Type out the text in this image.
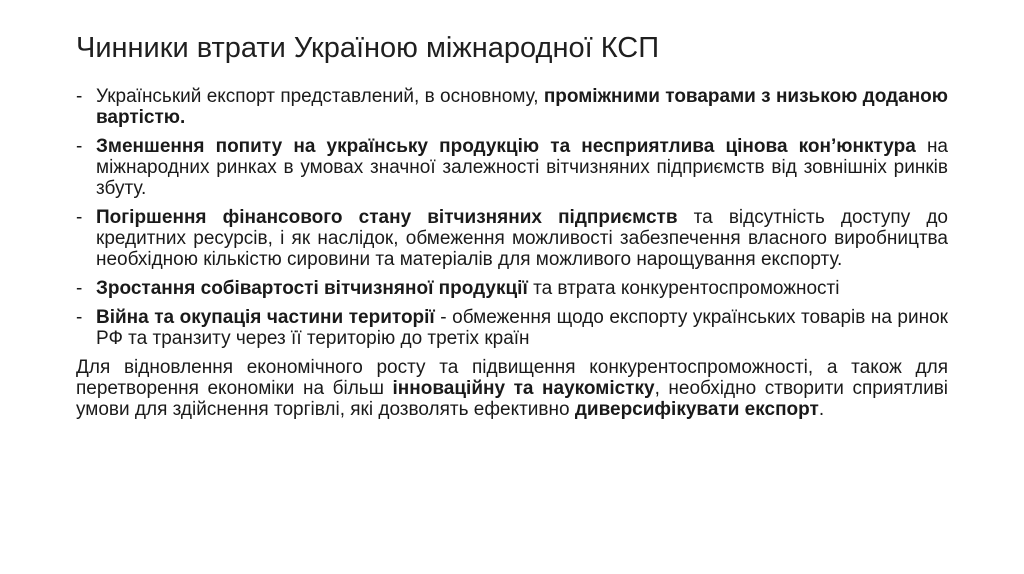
Чинники втрати Україною міжнародної КСП
- Український експорт представлений, в основному, проміжними товарами з низькою доданою вартістю.
- Зменшення попиту на українську продукцію та несприятлива цінова кон’юнктура на міжнародних ринках в умовах значної залежності вітчизняних підприємств від зовнішніх ринків збуту.
- Погіршення фінансового стану вітчизняних підприємств та відсутність доступу до кредитних ресурсів, і як наслідок, обмеження можливості забезпечення власного виробництва необхідною кількістю сировини та матеріалів для можливого нарощування експорту.
- Зростання собівартості вітчизняної продукції та втрата конкурентоспроможності
- Війна та окупація частини території - обмеження щодо експорту українських товарів на ринок РФ та транзиту через її територію до третіх країн
Для відновлення економічного росту та підвищення конкурентоспроможності, а також для перетворення економіки на більш інноваційну та наукомістку, необхідно створити сприятливі умови для здійснення торгівлі, які дозволять ефективно диверсифікувати експорт.
